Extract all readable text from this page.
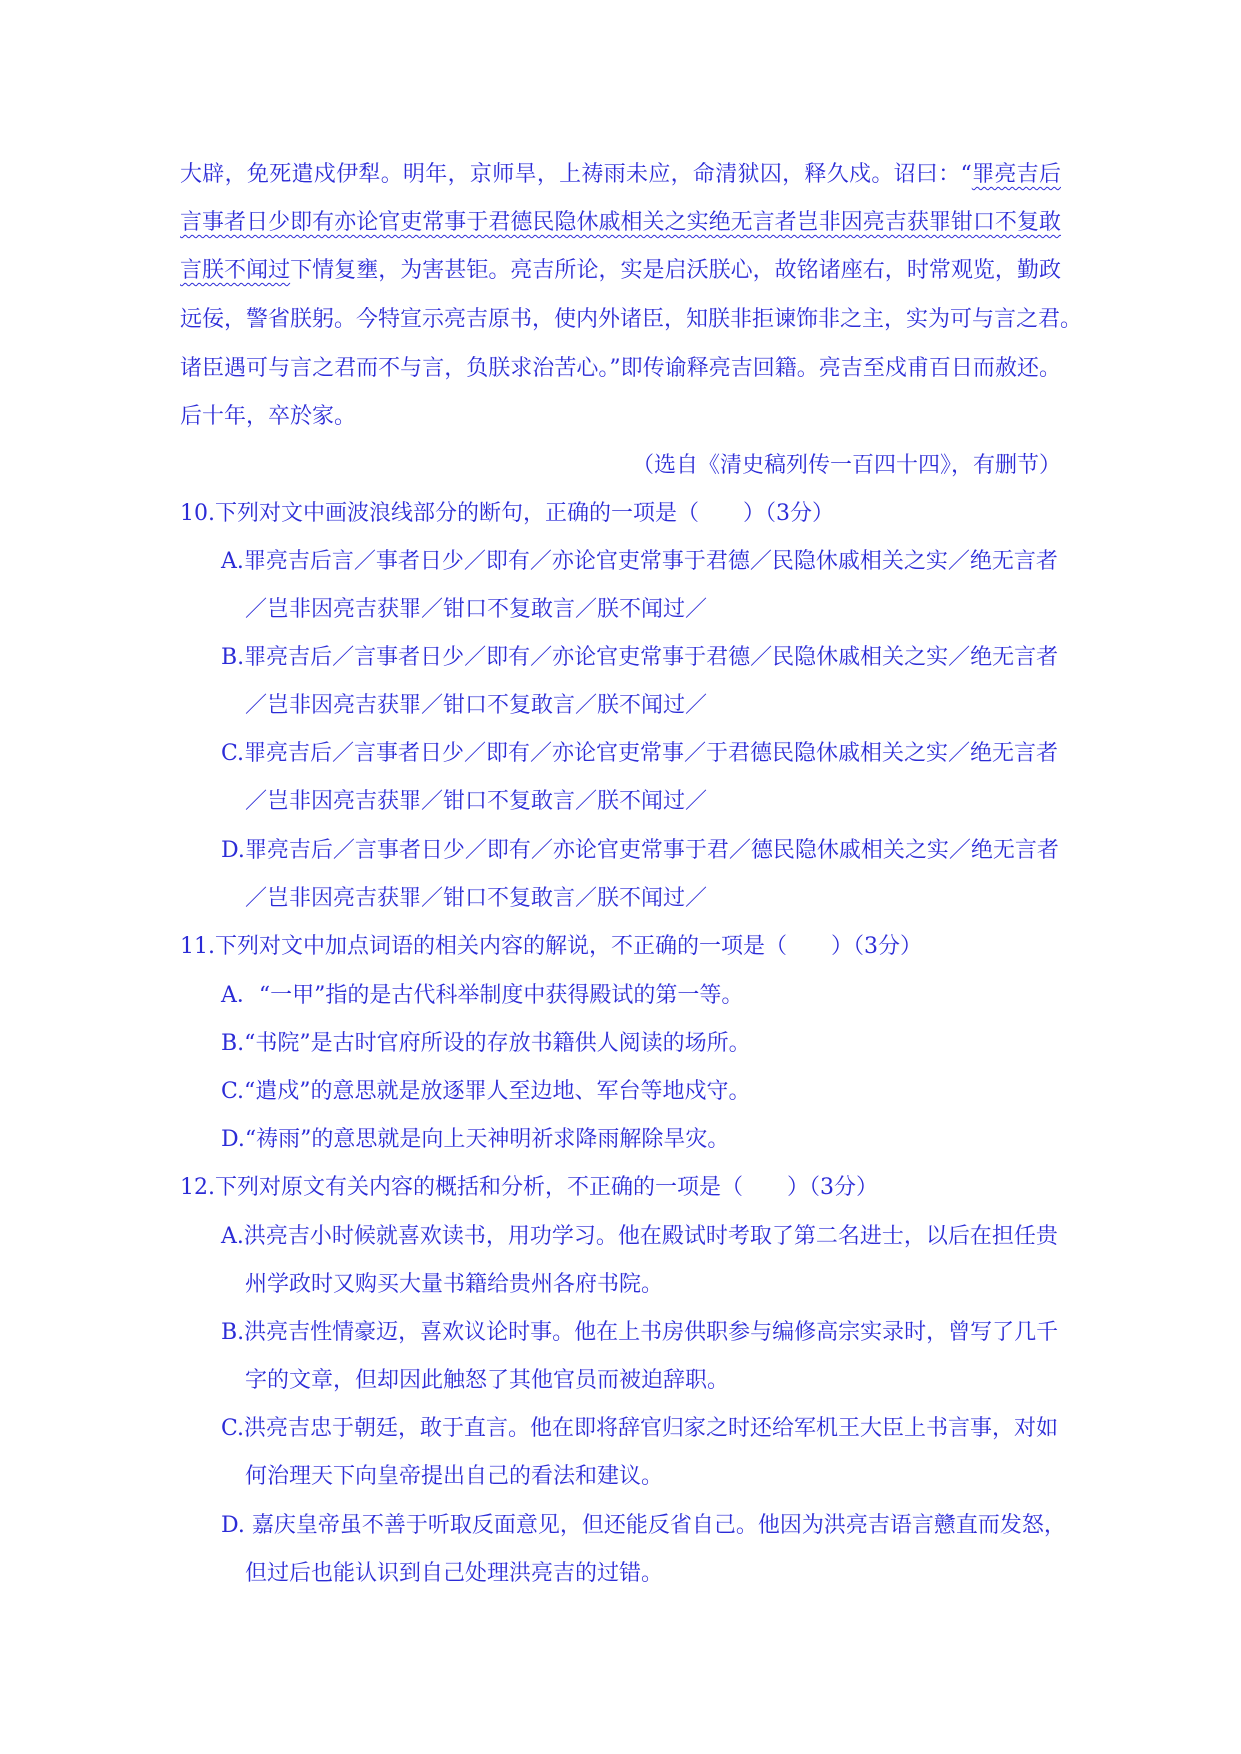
大辟，免死遣戍伊犁。明年，京师旱，上祷雨未应，命清狱囚，释久戍。诏曰：“罪亮吉后
言事者日少即有亦论官吏常事于君德民隐休戚相关之实绝无言者岂非因亮吉获罪钳口不复敢
言朕不闻过下情复壅，为害甚钜。亮吉所论，实是启沃朕心，故铭诸座右，时常观览，勤政
远佞，警省朕躬。今特宣示亮吉原书，使内外诸臣，知朕非拒谏饰非之主，实为可与言之君。
诸臣遇可与言之君而不与言，负朕求治苦心。”即传谕释亮吉回籍。亮吉至戍甫百日而赦还。
后十年，卒於家。
（选自《清史稿列传一百四十四》，有删节）
10.下列对文中画波浪线部分的断句，正确的一项是（　　）（3分）
A.罪亮吉后言／事者日少／即有／亦论官吏常事于君德／民隐休戚相关之实／绝无言者
／岂非因亮吉获罪／钳口不复敢言／朕不闻过／
B.罪亮吉后／言事者日少／即有／亦论官吏常事于君德／民隐休戚相关之实／绝无言者
／岂非因亮吉获罪／钳口不复敢言／朕不闻过／
C.罪亮吉后／言事者日少／即有／亦论官吏常事／于君德民隐休戚相关之实／绝无言者
／岂非因亮吉获罪／钳口不复敢言／朕不闻过／
D.罪亮吉后／言事者日少／即有／亦论官吏常事于君／德民隐休戚相关之实／绝无言者
／岂非因亮吉获罪／钳口不复敢言／朕不闻过／
11.下列对文中加点词语的相关内容的解说，不正确的一项是（　　）（3分）
A．“一甲”指的是古代科举制度中获得殿试的第一等。
B.“书院”是古时官府所设的存放书籍供人阅读的场所。
C.“遣戍”的意思就是放逐罪人至边地、军台等地戍守。
D.“祷雨”的意思就是向上天神明祈求降雨解除旱灾。
12.下列对原文有关内容的概括和分析，不正确的一项是（　　）（3分）
A.洪亮吉小时候就喜欢读书，用功学习。他在殿试时考取了第二名进士，以后在担任贵
州学政时又购买大量书籍给贵州各府书院。
B.洪亮吉性情豪迈，喜欢议论时事。他在上书房供职参与编修高宗实录时，曾写了几千
字的文章，但却因此触怒了其他官员而被迫辞职。
C.洪亮吉忠于朝廷，敢于直言。他在即将辞官归家之时还给军机王大臣上书言事，对如
何治理天下向皇帝提出自己的看法和建议。
D. 嘉庆皇帝虽不善于听取反面意见，但还能反省自己。他因为洪亮吉语言戆直而发怒，
但过后也能认识到自己处理洪亮吉的过错。
